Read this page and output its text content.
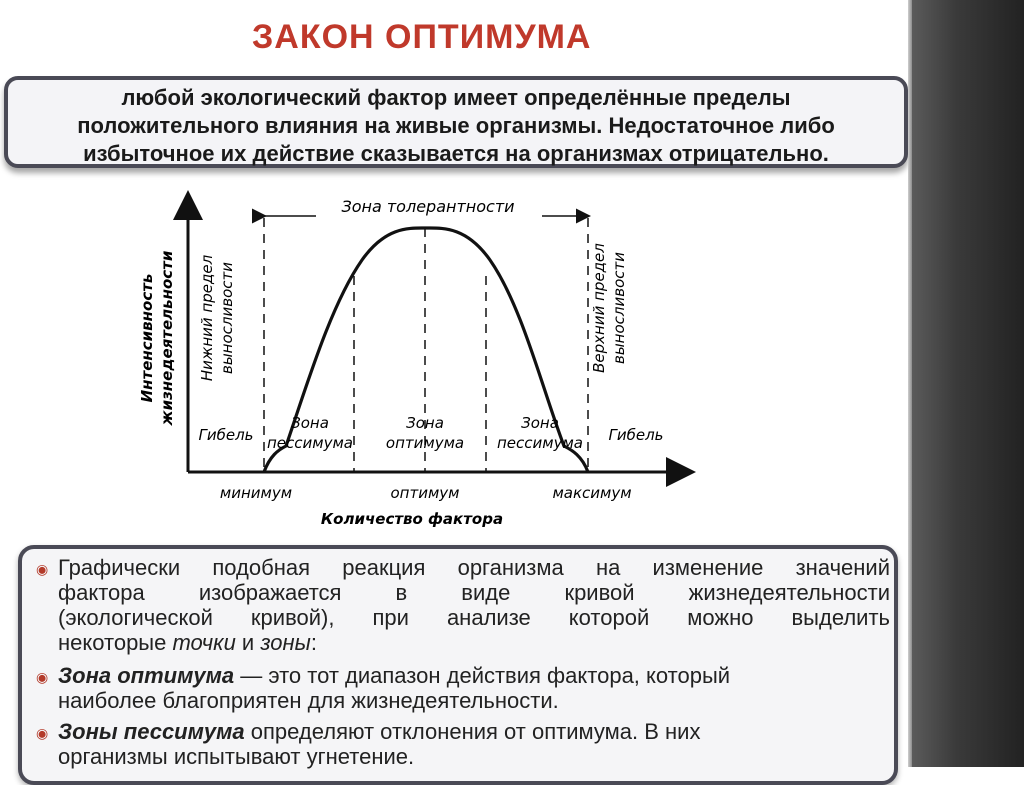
ЗАКОН ОПТИМУМА
любой экологический фактор имеет определённые пределы
положительного влияния на живые организмы. Недостаточное либо
избыточное их действие сказывается на организмах отрицательно.
Интенсивность жизнедеятельности
Зона толерантности
Нижний предел выносливости	Верхний предел выносливости
Гибель	Гибель
Зона
пессимума
Зона
оптимума
Зона
пессимума
минимум	оптимум	максимум
Количество фактора
◉ Графически подобная реакция организма на изменение значений
фактора изображается в виде кривой жизнедеятельности
(экологической кривой), при анализе которой можно выделить
некоторые точки и зоны:
◉ Зона оптимума — это тот диапазон действия фактора, который
наиболее благоприятен для жизнедеятельности.
◉ Зоны пессимума определяют отклонения от оптимума. В них
организмы испытывают угнетение.
